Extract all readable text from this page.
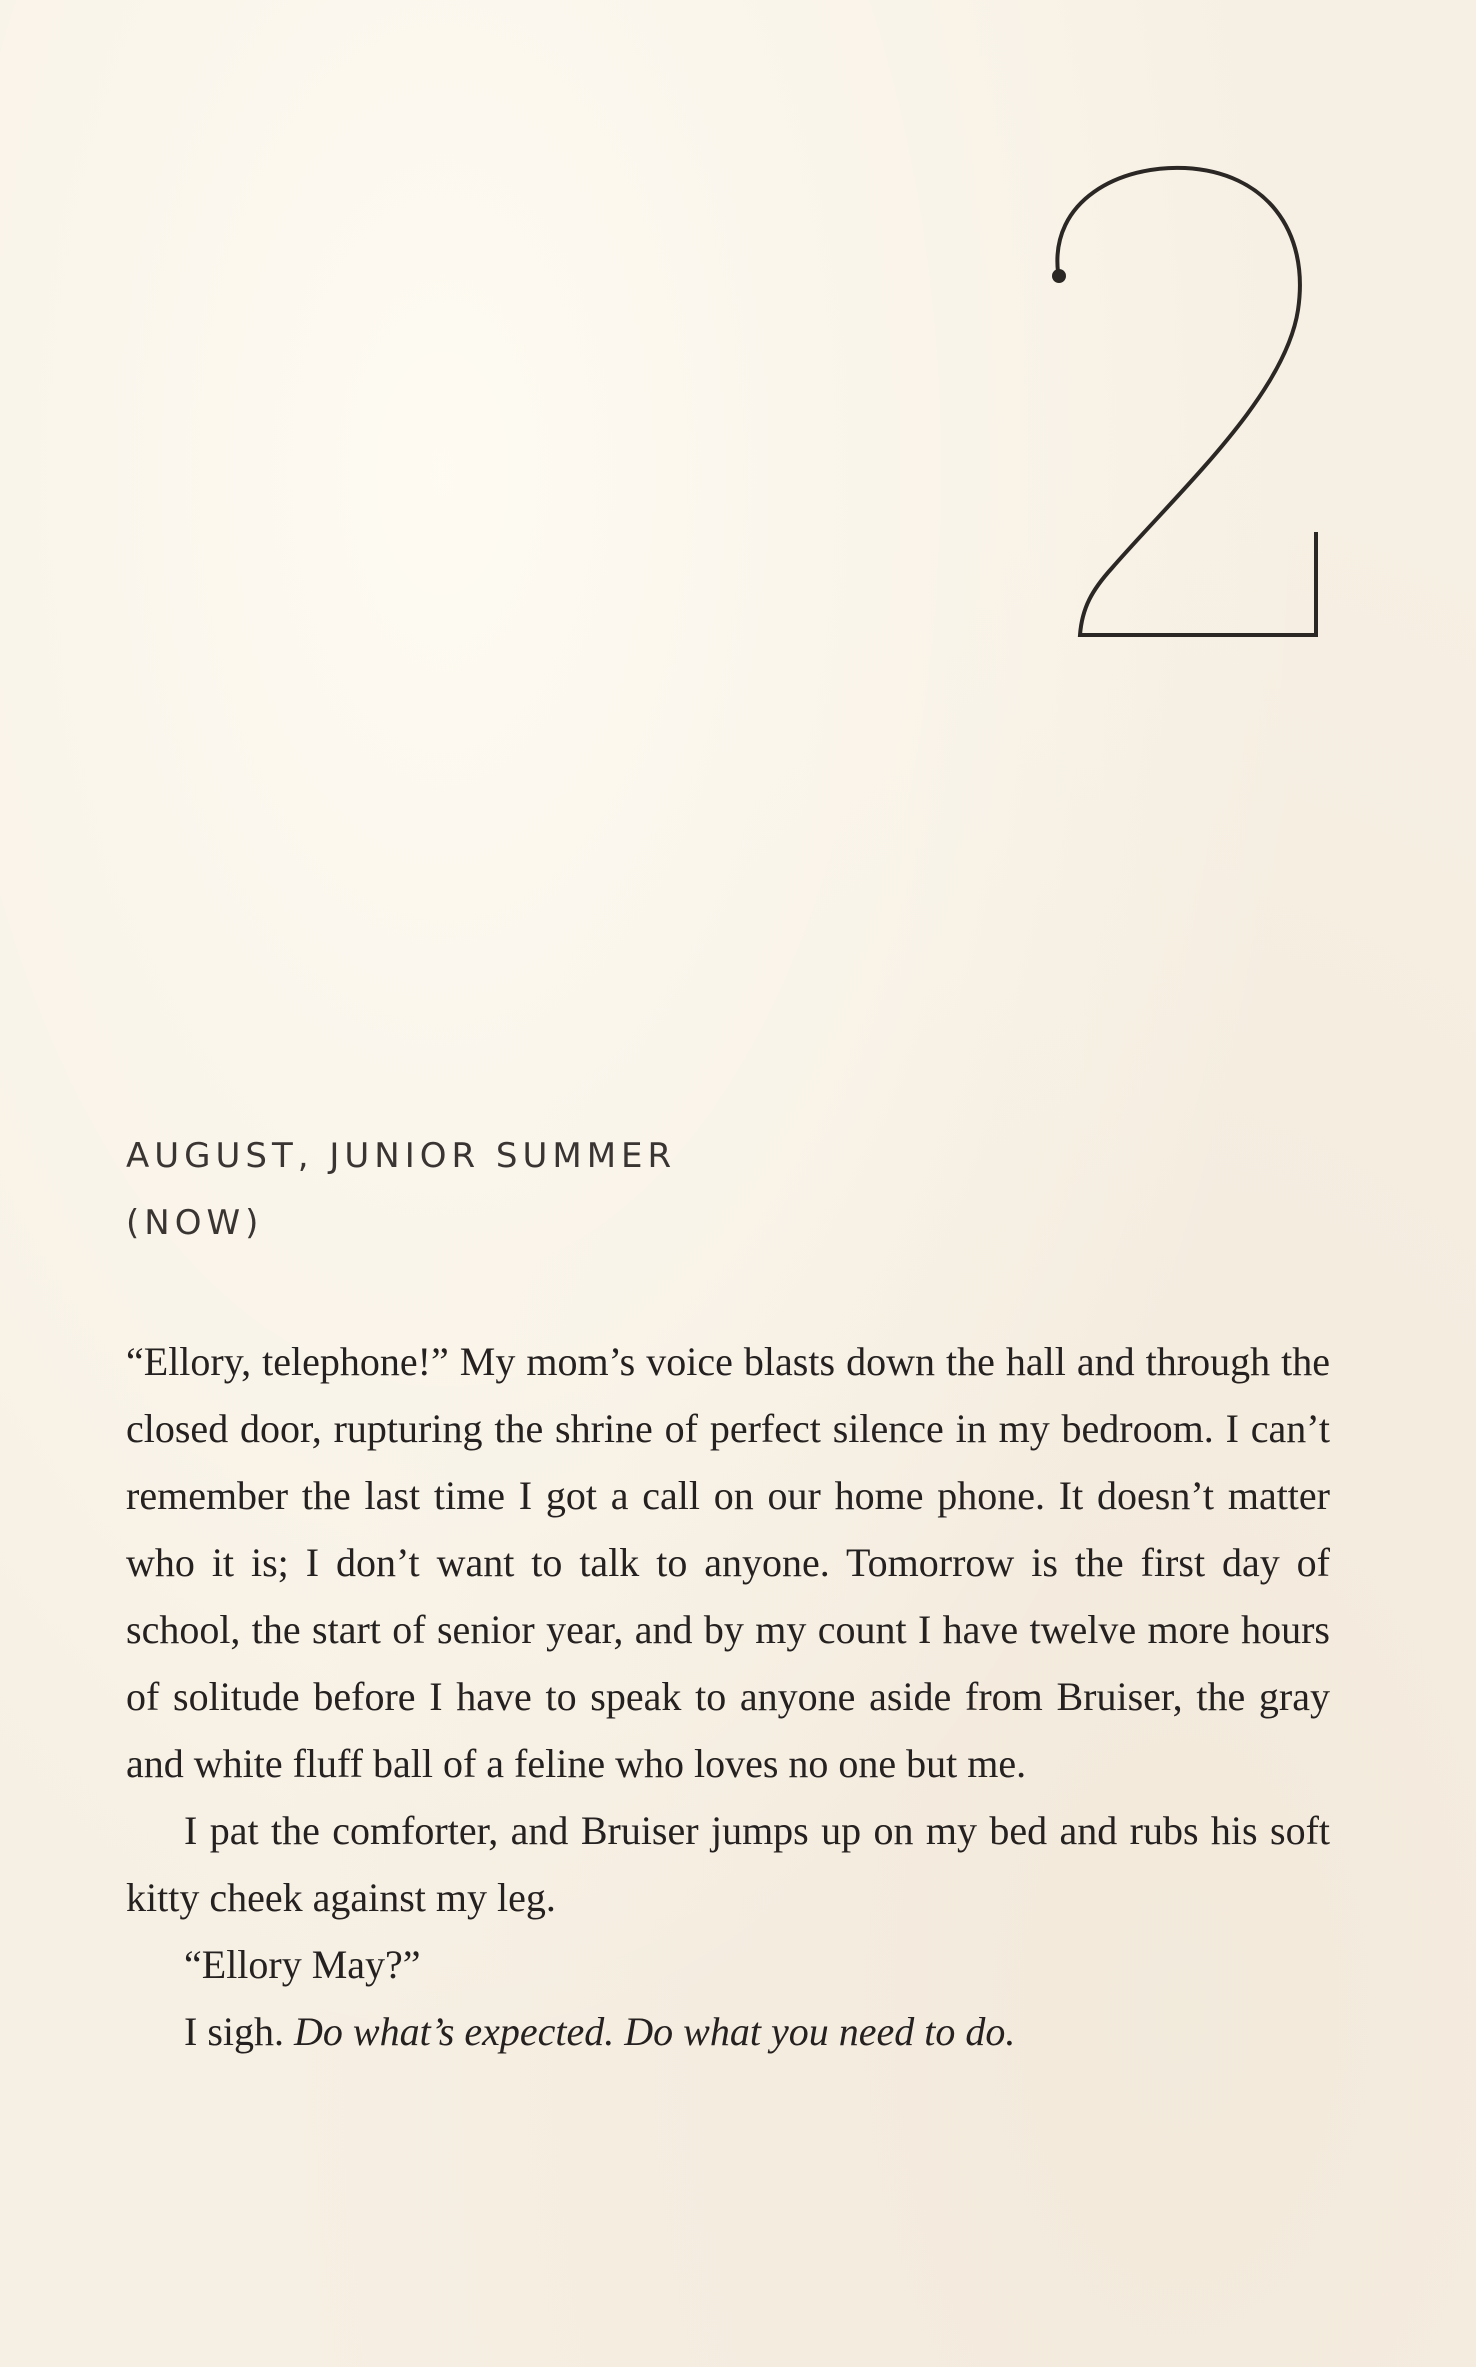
AUGUST, JUNIOR SUMMER
(NOW)

“Ellory, telephone!” My mom’s voice blasts down the hall and through the closed door, rupturing the shrine of perfect silence in my bedroom. I can’t remember the last time I got a call on our home phone. It doesn’t matter who it is; I don’t want to talk to anyone. Tomorrow is the first day of school, the start of senior year, and by my count I have twelve more hours of solitude before I have to speak to anyone aside from Bruiser, the gray and white fluff ball of a feline who loves no one but me.

I pat the comforter, and Bruiser jumps up on my bed and rubs his soft kitty cheek against my leg.

“Ellory May?”

I sigh. Do what’s expected. Do what you need to do.
